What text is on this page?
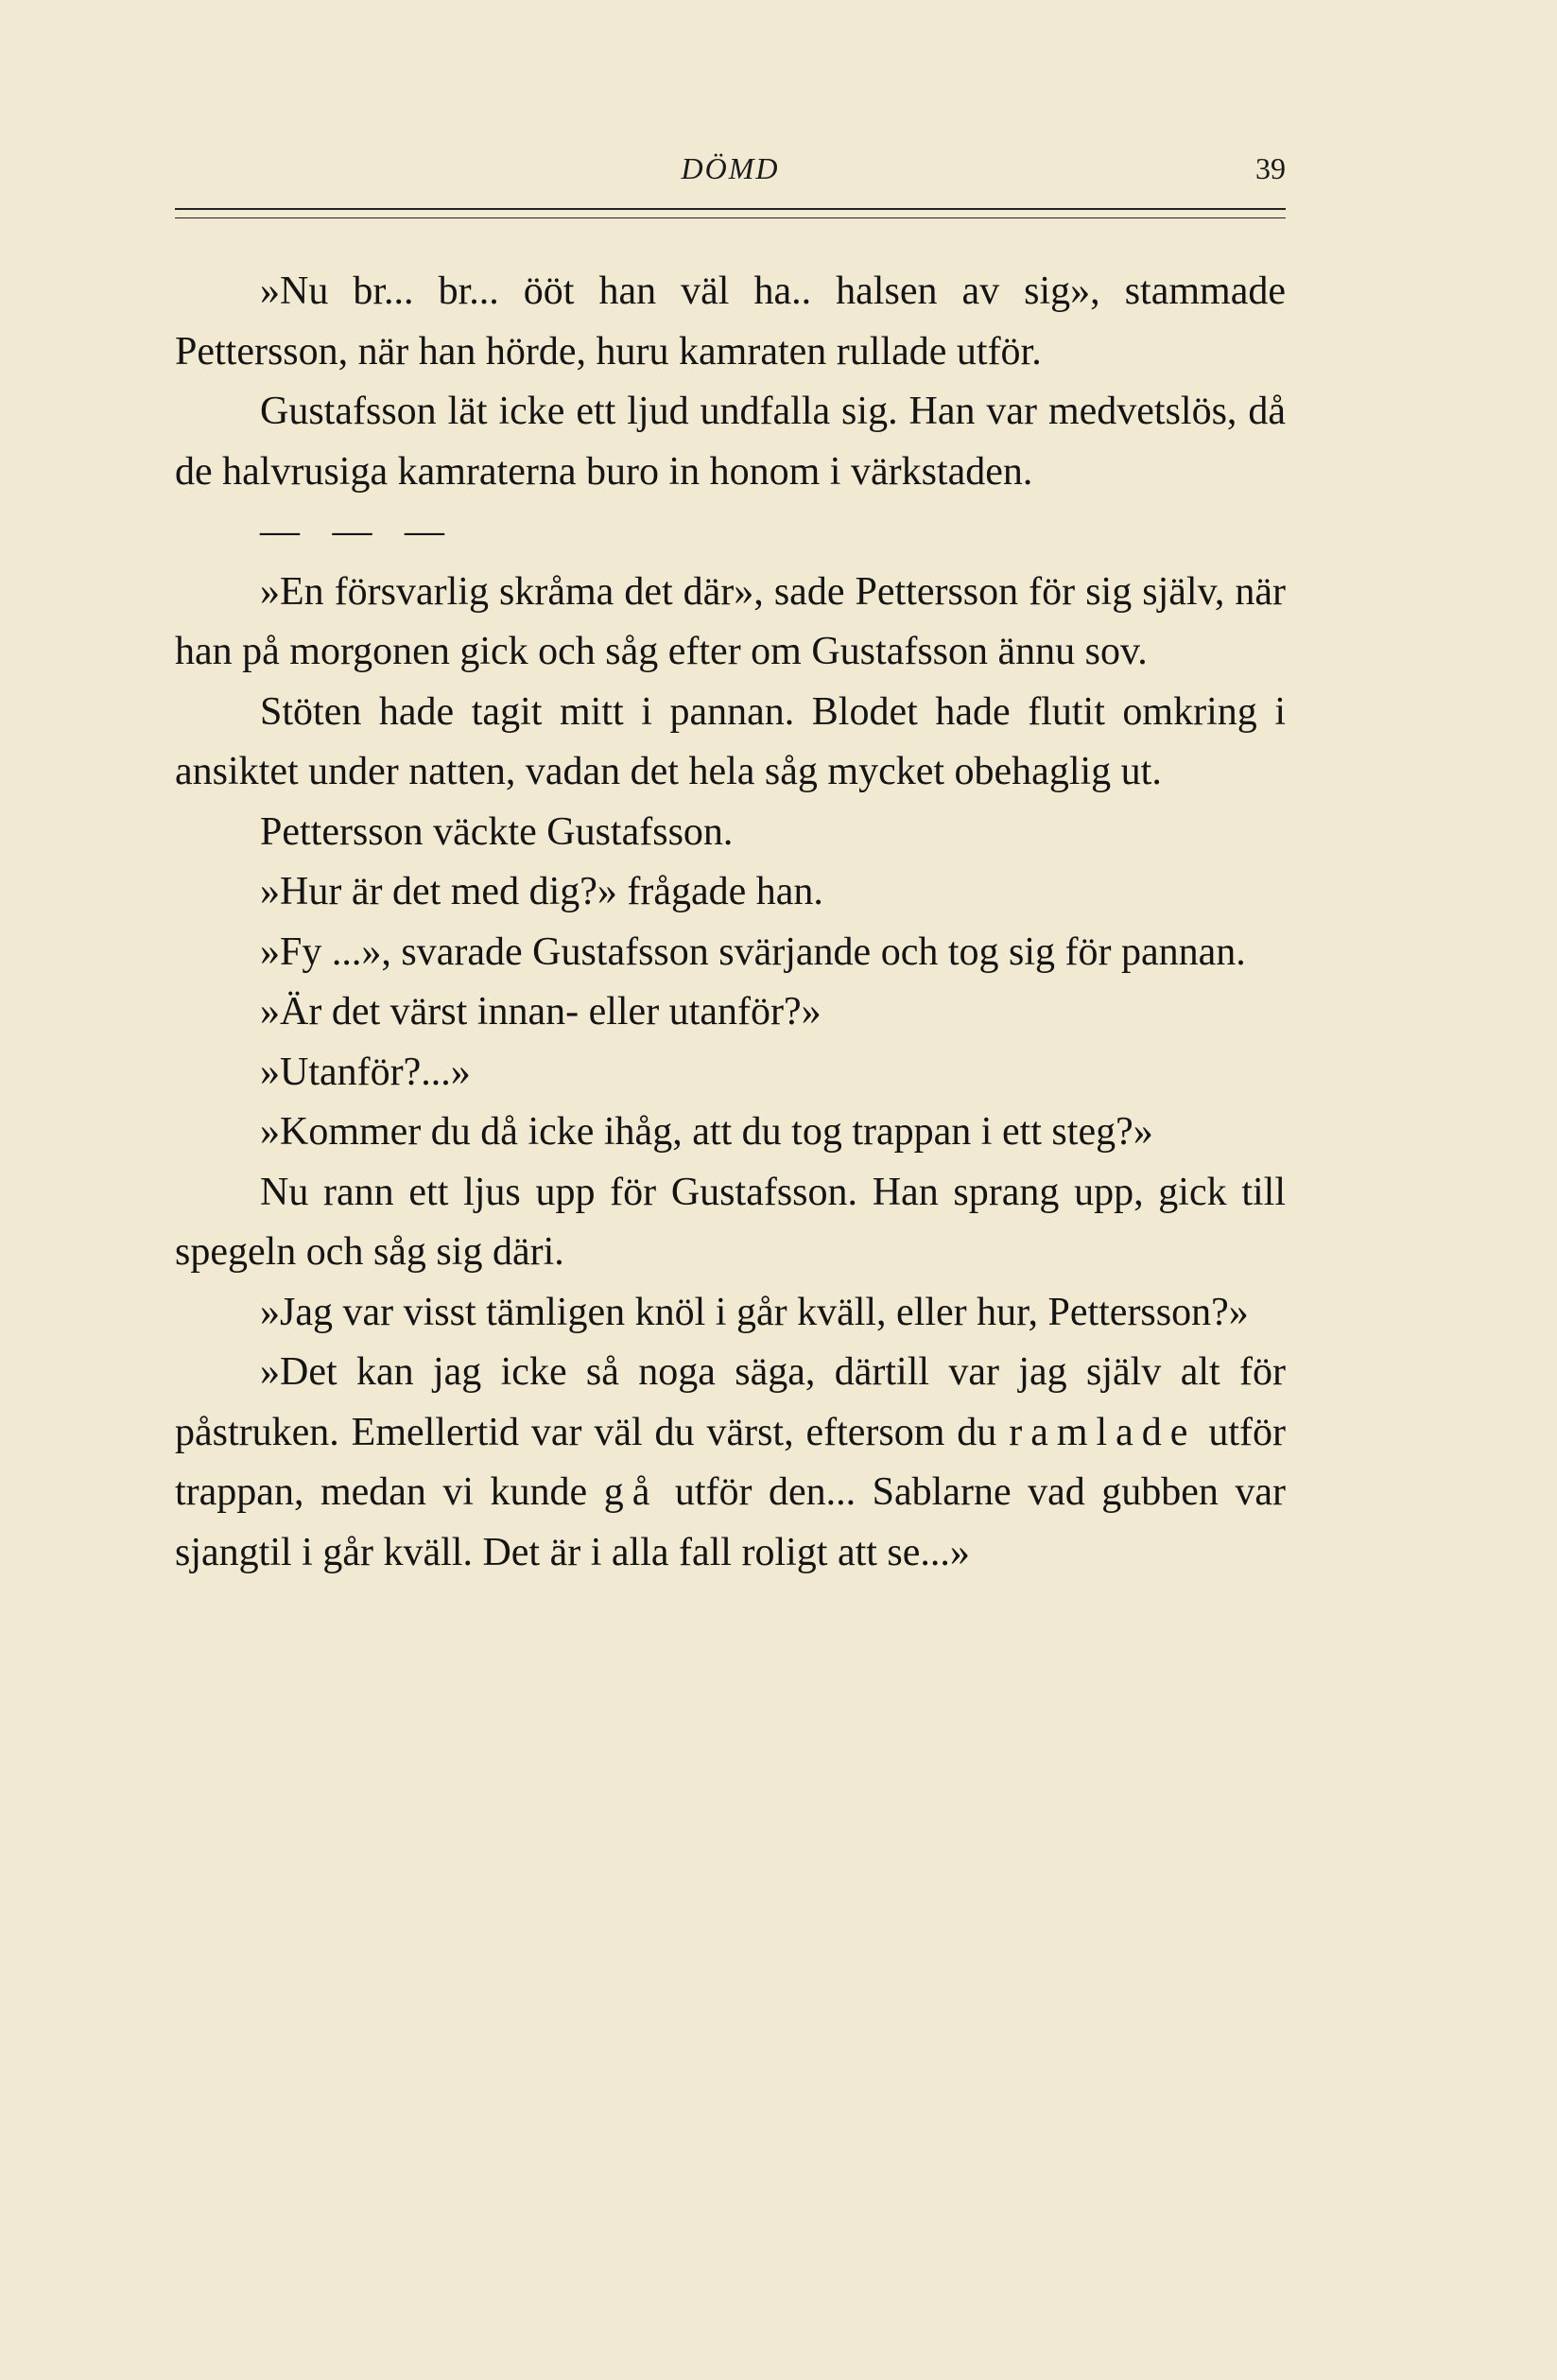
DÖMD	39

»Nu br... br... ööt han väl ha.. halsen av sig», stammade Pettersson, när han hörde, huru kamraten rullade utför.

Gustafsson lät icke ett ljud undfalla sig. Han var medvetslös, då de halvrusiga kamraterna buro in honom i värkstaden.

— — —

»En försvarlig skråma det där», sade Pettersson för sig själv, när han på morgonen gick och såg efter om Gustafsson ännu sov.

Stöten hade tagit mitt i pannan. Blodet hade flutit omkring i ansiktet under natten, vadan det hela såg mycket obehaglig ut.

Pettersson väckte Gustafsson.

»Hur är det med dig?» frågade han.

»Fy ...», svarade Gustafsson svärjande och tog sig för pannan.

»Är det värst innan- eller utanför?»

»Utanför?...»

»Kommer du då icke ihåg, att du tog trappan i ett steg?»

Nu rann ett ljus upp för Gustafsson. Han sprang upp, gick till spegeln och såg sig däri.

»Jag var visst tämligen knöl i går kväll, eller hur, Pettersson?»

»Det kan jag icke så noga säga, därtill var jag själv alt för påstruken. Emellertid var väl du värst, eftersom du ramlade utför trappan, medan vi kunde gå utför den... Sablarne vad gubben var sjangtil i går kväll. Det är i alla fall roligt att se...»
